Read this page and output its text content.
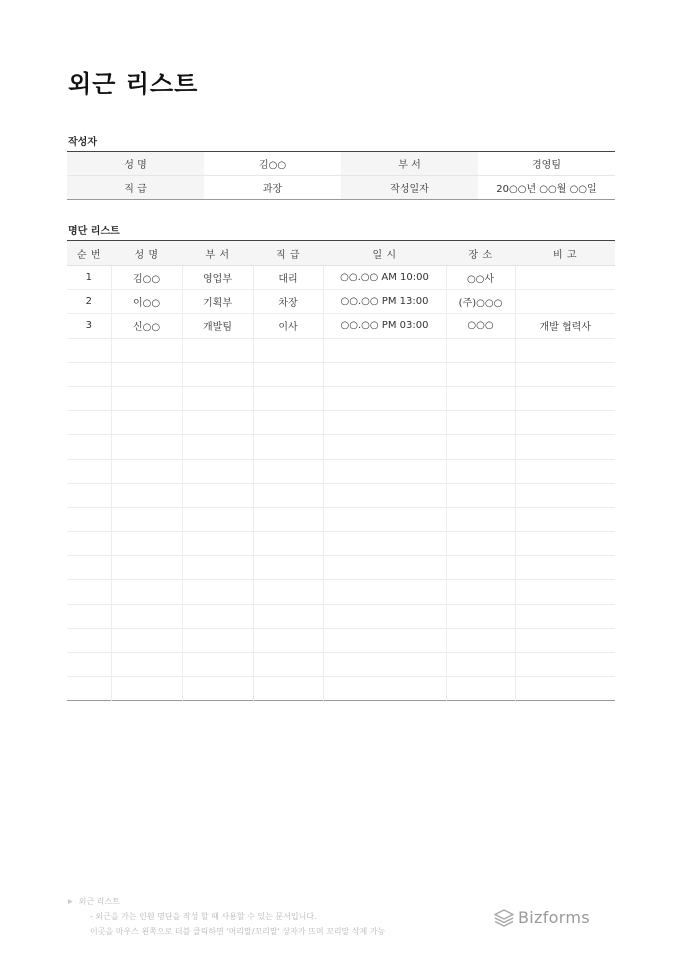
외근 리스트
작성자
성 명	김○○	부 서	경영팀
직 급	과장	작성일자	20○○년 ○○월 ○○일
명단 리스트
순 번	성 명	부 서	직 급	일 시	장 소	비 고
1	김○○	영업부	대리	○○.○○ AM 10:00	○○사	
2	이○○	기획부	차장	○○.○○ PM 13:00	(주)○○○	
3	신○○	개발팀	이사	○○.○○ PM 03:00	○○○	개발 협력사

▶ 외근 리스트
- 외근을 가는 인원 명단을 작성 할 때 사용할 수 있는 문서입니다.
이곳을 마우스 왼쪽으로 더블 클릭하면 '머리말/꼬리말' 상자가 뜨며 꼬리말 삭제 가능
Bizforms
